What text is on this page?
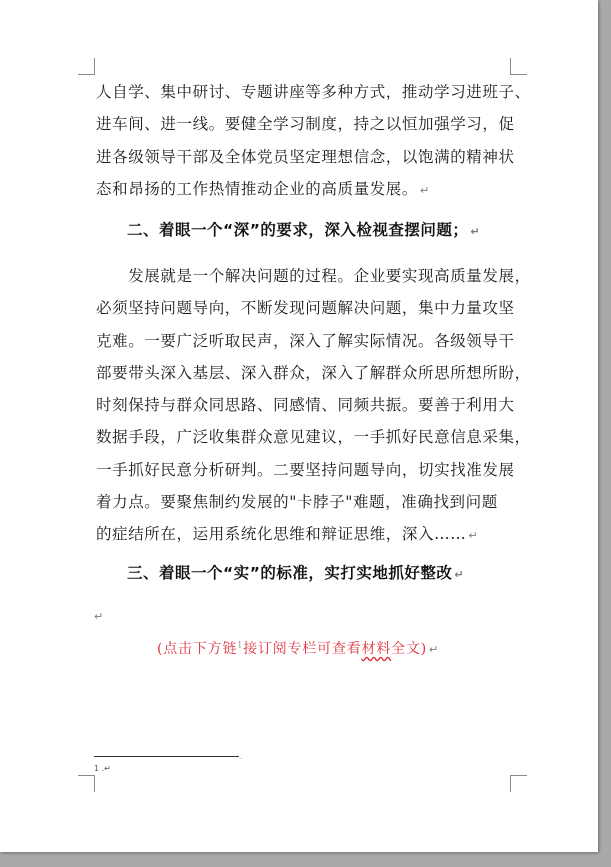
人自学、集中研讨、专题讲座等多种方式，推动学习进班子、
进车间、进一线。要健全学习制度，持之以恒加强学习，促
进各级领导干部及全体党员坚定理想信念，以饱满的精神状
态和昂扬的工作热情推动企业的高质量发展。 ↵
二、着眼一个“深”的要求，深入检视查摆问题； ↵
　　发展就是一个解决问题的过程。企业要实现高质量发展，
必须坚持问题导向，不断发现问题解决问题，集中力量攻坚
克难。一要广泛听取民声，深入了解实际情况。各级领导干
部要带头深入基层、深入群众，深入了解群众所思所想所盼，
时刻保持与群众同思路、同感情、同频共振。要善于利用大
数据手段，广泛收集群众意见建议，一手抓好民意信息采集，
一手抓好民意分析研判。二要坚持问题导向，切实找准发展
着力点。要聚焦制约发展的"卡脖子"难题，准确找到问题
的症结所在，运用系统化思维和辩证思维，深入…… ↵
三、着眼一个“实”的标准，实打实地抓好整改 ↵
↵
(点击下方链$^1$接订阅专栏可查看材料全文) ↵
.
1 .↵
